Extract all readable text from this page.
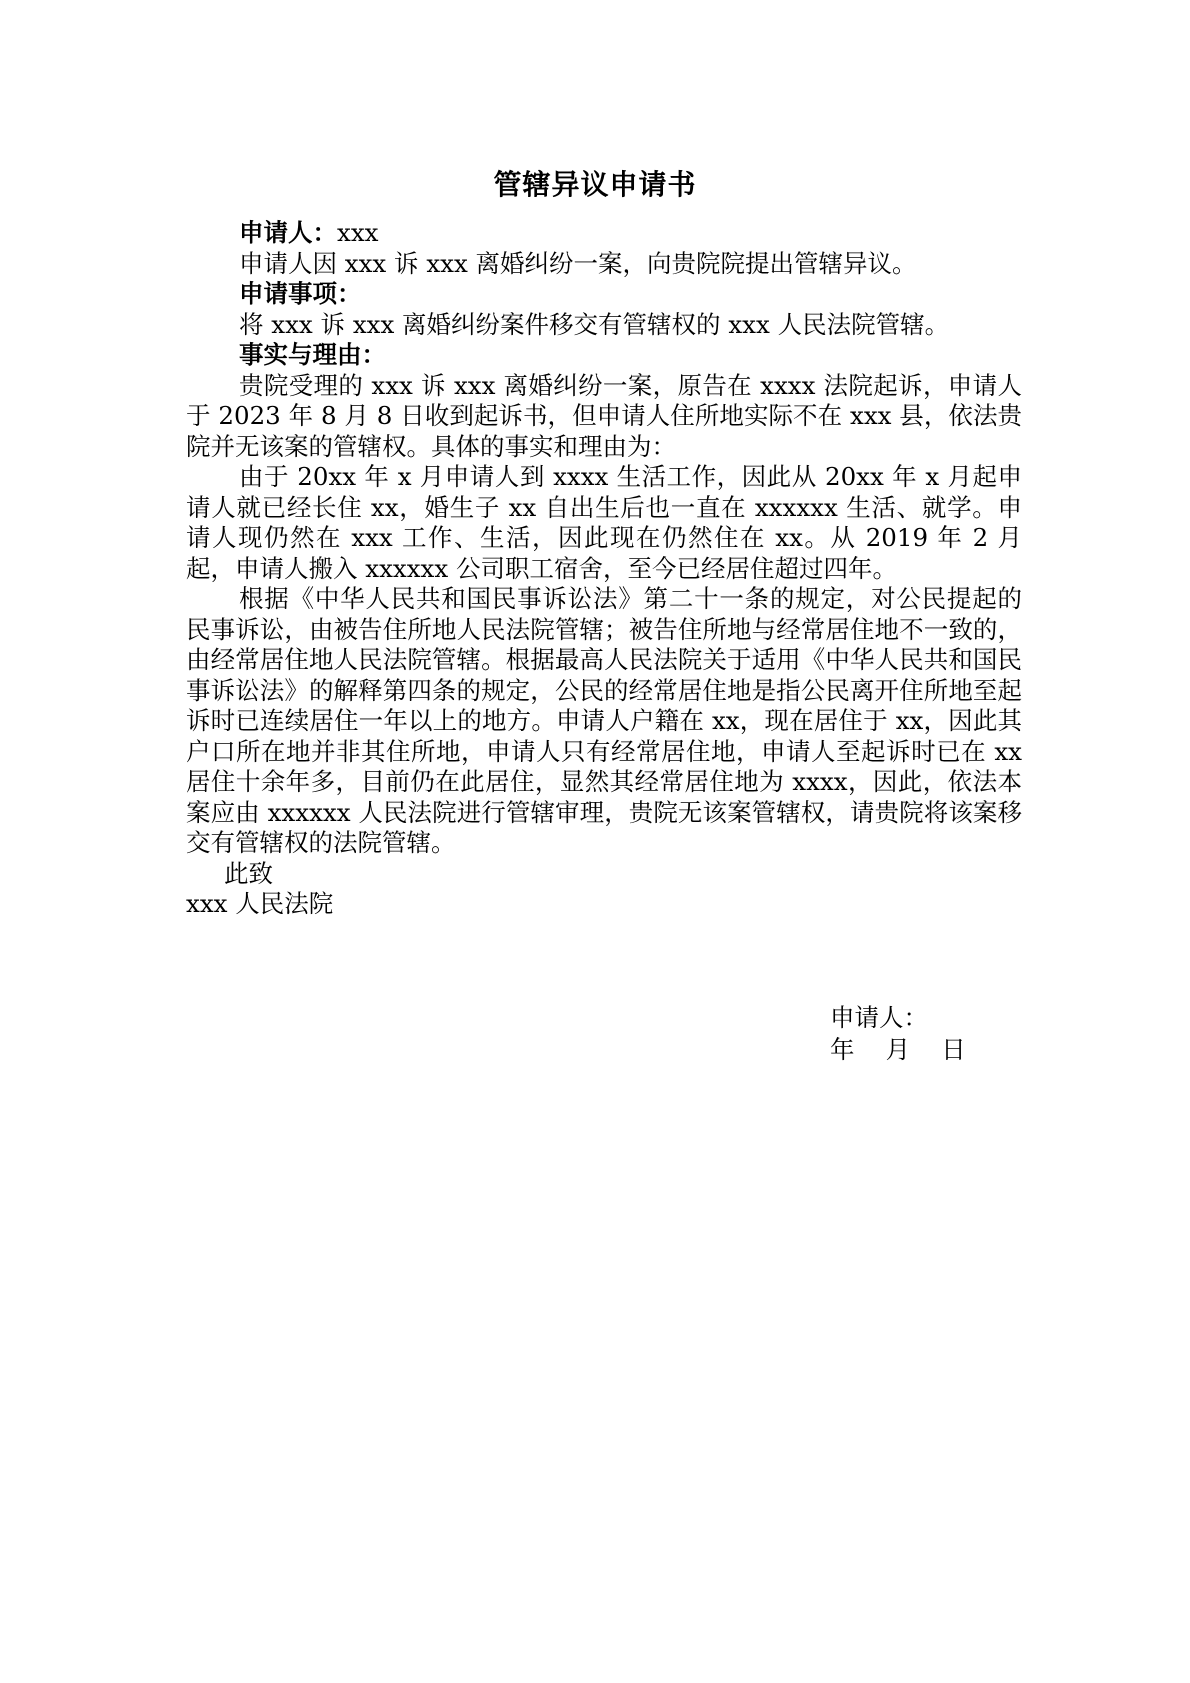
管辖异议申请书

申请人：xxx

申请人因 xxx 诉 xxx 离婚纠纷一案，向贵院院提出管辖异议。

申请事项：

将 xxx 诉 xxx 离婚纠纷案件移交有管辖权的 xxx 人民法院管辖。

事实与理由：

贵院受理的 xxx 诉 xxx 离婚纠纷一案，原告在 xxxx 法院起诉，申请人于 2023 年 8 月 8 日收到起诉书，但申请人住所地实际不在 xxx 县，依法贵院并无该案的管辖权。具体的事实和理由为：

由于 20xx 年 x 月申请人到 xxxx 生活工作，因此从 20xx 年 x 月起申请人就已经长住 xx，婚生子 xx 自出生后也一直在 xxxxxx 生活、就学。申请人现仍然在 xxx 工作、生活，因此现在仍然住在 xx。从 2019 年 2 月起，申请人搬入 xxxxxx 公司职工宿舍，至今已经居住超过四年。

根据《中华人民共和国民事诉讼法》第二十一条的规定，对公民提起的民事诉讼，由被告住所地人民法院管辖；被告住所地与经常居住地不一致的，由经常居住地人民法院管辖。根据最高人民法院关于适用《中华人民共和国民事诉讼法》的解释第四条的规定，公民的经常居住地是指公民离开住所地至起诉时已连续居住一年以上的地方。申请人户籍在 xx，现在居住于 xx，因此其户口所在地并非其住所地，申请人只有经常居住地，申请人至起诉时已在 xx 居住十余年多，目前仍在此居住，显然其经常居住地为 xxxx，因此，依法本案应由 xxxxxx 人民法院进行管辖审理，贵院无该案管辖权，请贵院将该案移交有管辖权的法院管辖。

此致

xxx 人民法院

申请人：

年    月    日
